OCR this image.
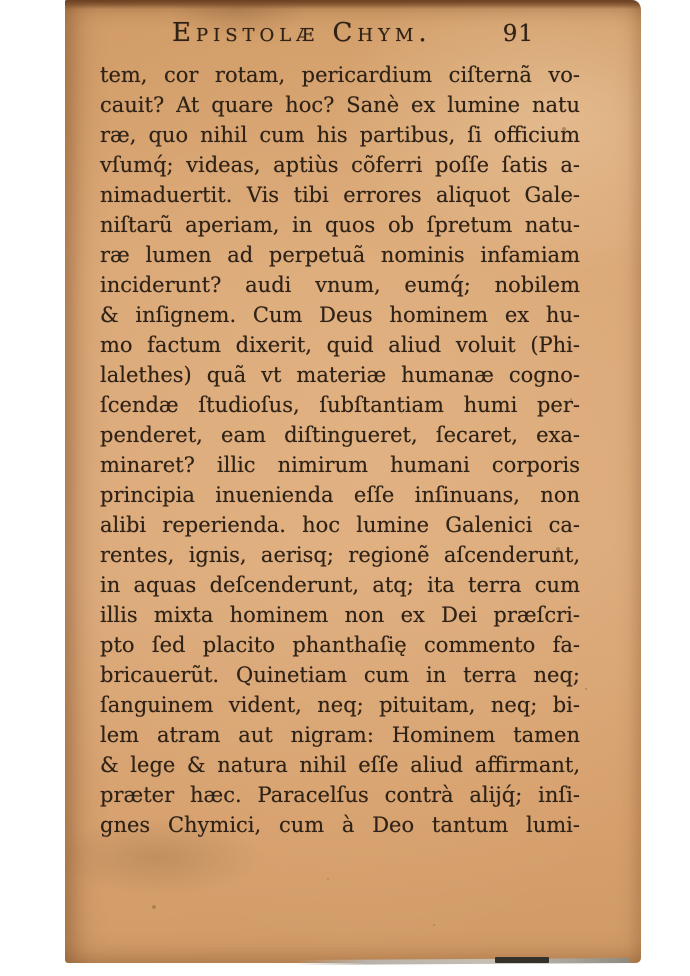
Epistolæ Chym.	91
tem, cor rotam, pericardium ciſternã vo-
cauit? At quare hoc? Sanè ex lumine natu
ræ, quo nihil cum his partibus, ſi officium
vſumq́; videas, aptiùs cõferri poſſe ſatis a-
nimaduertit. Vis tibi errores aliquot Gale-
niſtarũ aperiam, in quos ob ſpretum natu-
ræ lumen ad perpetuã nominis infamiam
inciderunt? audi vnum, eumq́; nobilem
& inſignem. Cum Deus hominem ex hu-
mo factum dixerit, quid aliud voluit (Phi-
lalethes) quã vt materiæ humanæ cogno-
ſcendæ ſtudioſus, ſubſtantiam humi per-
penderet, eam diſtingueret, ſecaret, exa-
minaret? illic nimirum humani corporis
principia inuenienda eſſe inſinuans, non
alibi reperienda. hoc lumine Galenici ca-
rentes, ignis, aerisq; regionẽ aſcenderunt,
in aquas deſcenderunt, atq; ita terra cum
illis mixta hominem non ex Dei præſcri-
pto ſed placito phanthaſię commento fa-
bricauerũt. Quinetiam cum in terra neq;
ſanguinem vident, neq; pituitam, neq; bi-
lem atram aut nigram: Hominem tamen
& lege & natura nihil eſſe aliud affirmant,
præter hæc. Paracelſus contrà alijq́; inſi-
gnes Chymici, cum à Deo tantum lumi-
